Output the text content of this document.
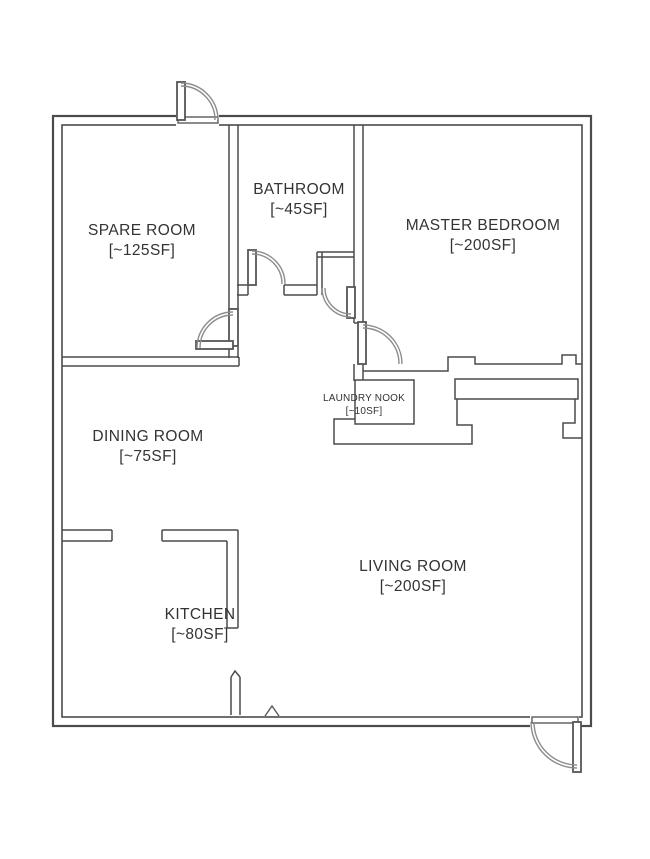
SPARE ROOM
[~125SF]
BATHROOM
[~45SF]
MASTER BEDROOM
[~200SF]
LAUNDRY NOOK
[~10SF]
DINING ROOM
[~75SF]
KITCHEN
[~80SF]
LIVING ROOM
[~200SF]
